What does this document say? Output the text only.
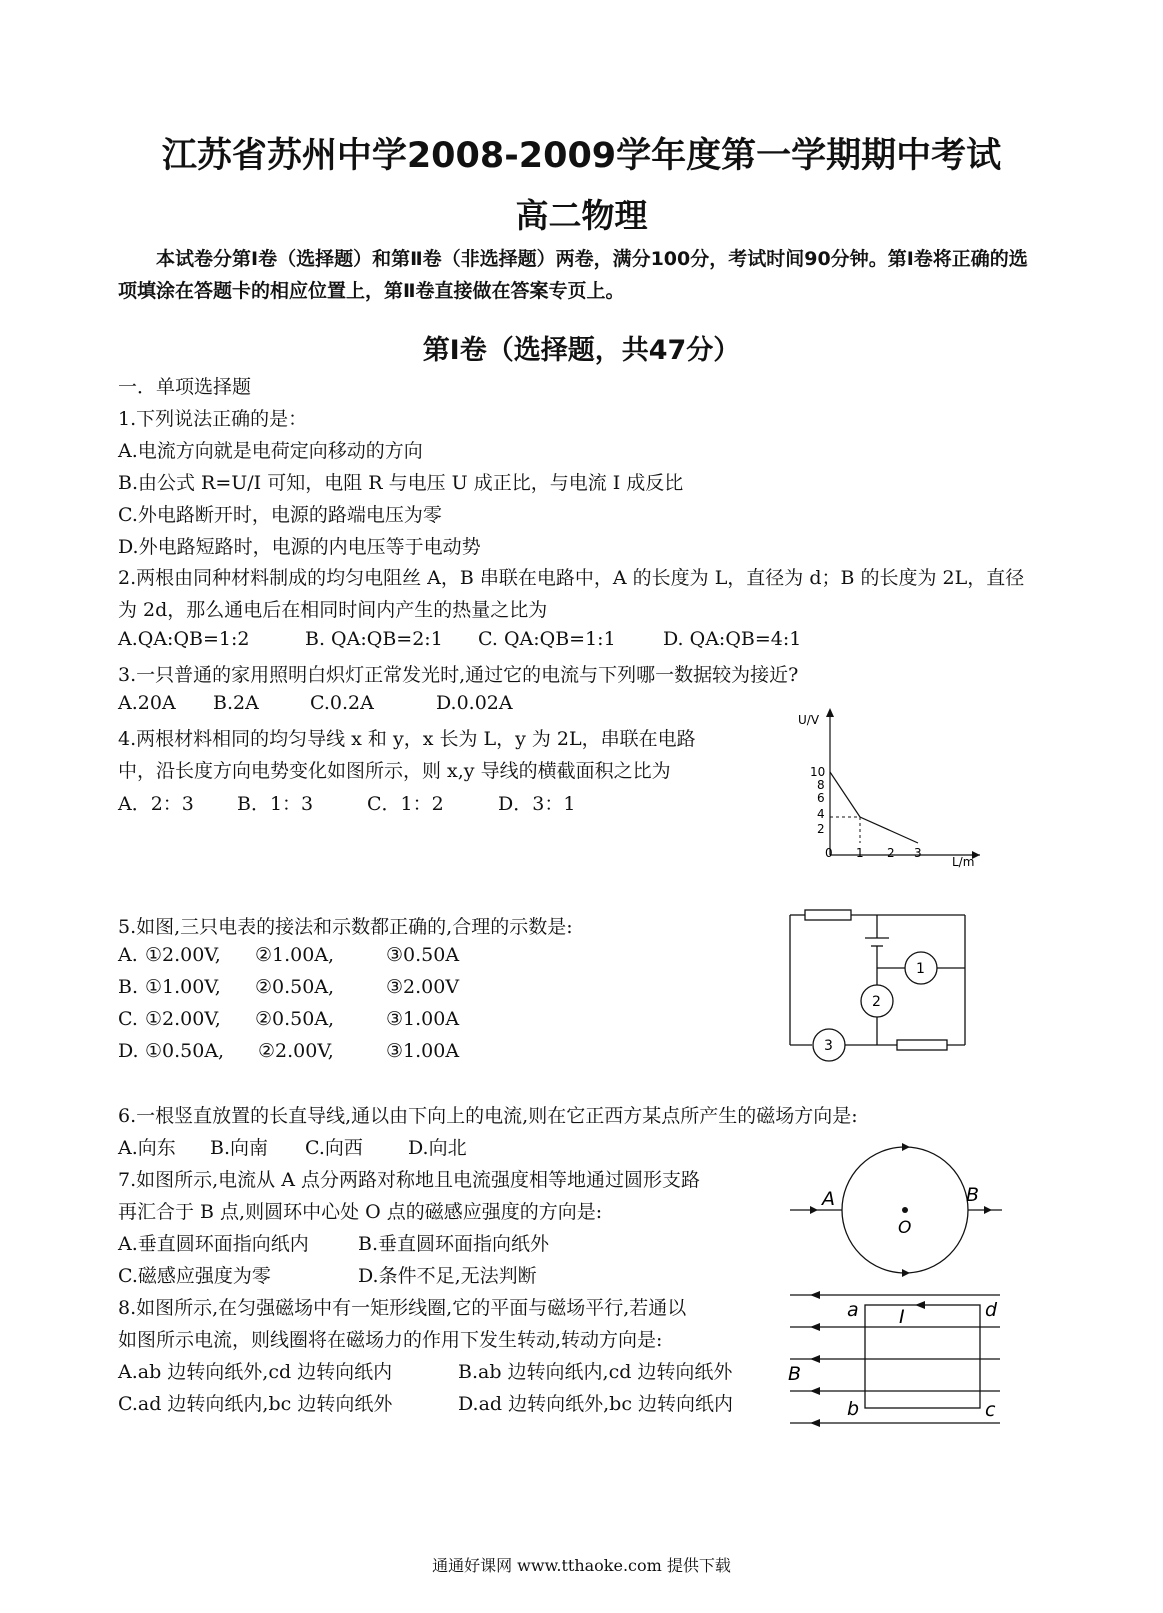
江苏省苏州中学2008-2009学年度第一学期期中考试
高二物理
本试卷分第Ⅰ卷（选择题）和第Ⅱ卷（非选择题）两卷，满分100分，考试时间90分钟。第Ⅰ卷将正确的选项填涂在答题卡的相应位置上，第Ⅱ卷直接做在答案专页上。
第Ⅰ卷（选择题，共47分）
一．单项选择题
1.下列说法正确的是：
A.电流方向就是电荷定向移动的方向
B.由公式 R=U/I 可知，电阻 R 与电压 U 成正比，与电流 I 成反比
C.外电路断开时，电源的路端电压为零
D.外电路短路时，电源的内电压等于电动势
2.两根由同种材料制成的均匀电阻丝 A，B 串联在电路中，A 的长度为 L，直径为 d；B 的长度为 2L，直径为 2d，那么通电后在相同时间内产生的热量之比为
A.QA:QB=1:2	B. QA:QB=2:1 C. QA:QB=1:1 D. QA:QB=4:1
3.一只普通的家用照明白炽灯正常发光时,通过它的电流与下列哪一数据较为接近?
A.20A B.2A	C.0.2A	D.0.02A
4.两根材料相同的均匀导线 x 和 y，x 长为 L，y 为 2L，串联在电路
中，沿长度方向电势变化如图所示，则 x,y 导线的横截面积之比为
A．2：3 B．1：3	C．1：2	D．3：1
U/V
L/m
10
8
6
4
2
0 1 2 3
5.如图,三只电表的接法和示数都正确的,合理的示数是:
A. ①2.00V, ②1.00A,	③0.50A
B. ①1.00V, ②0.50A,	③2.00V
C. ①2.00V, ②0.50A,	③1.00A
D. ①0.50A, ②2.00V,	③1.00A
1
2
3
6.一根竖直放置的长直导线,通以由下向上的电流,则在它正西方某点所产生的磁场方向是:
A.向东 B.向南 C.向西 D.向北
7.如图所示,电流从 A 点分两路对称地且电流强度相等地通过圆形支路
再汇合于 B 点,则圆环中心处 O 点的磁感应强度的方向是:
A.垂直圆环面指向纸内	B.垂直圆环面指向纸外
C.磁感应强度为零	D.条件不足,无法判断
A	B
O
8.如图所示,在匀强磁场中有一矩形线圈,它的平面与磁场平行,若通以
如图所示电流，则线圈将在磁场力的作用下发生转动,转动方向是:
A.ab 边转向纸外,cd 边转向纸内	B.ab 边转向纸内,cd 边转向纸外
C.ad 边转向纸内,bc 边转向纸外	D.ad 边转向纸外,bc 边转向纸内
a	d
b	c
I
B
通通好课网 www.tthaoke.com 提供下载
